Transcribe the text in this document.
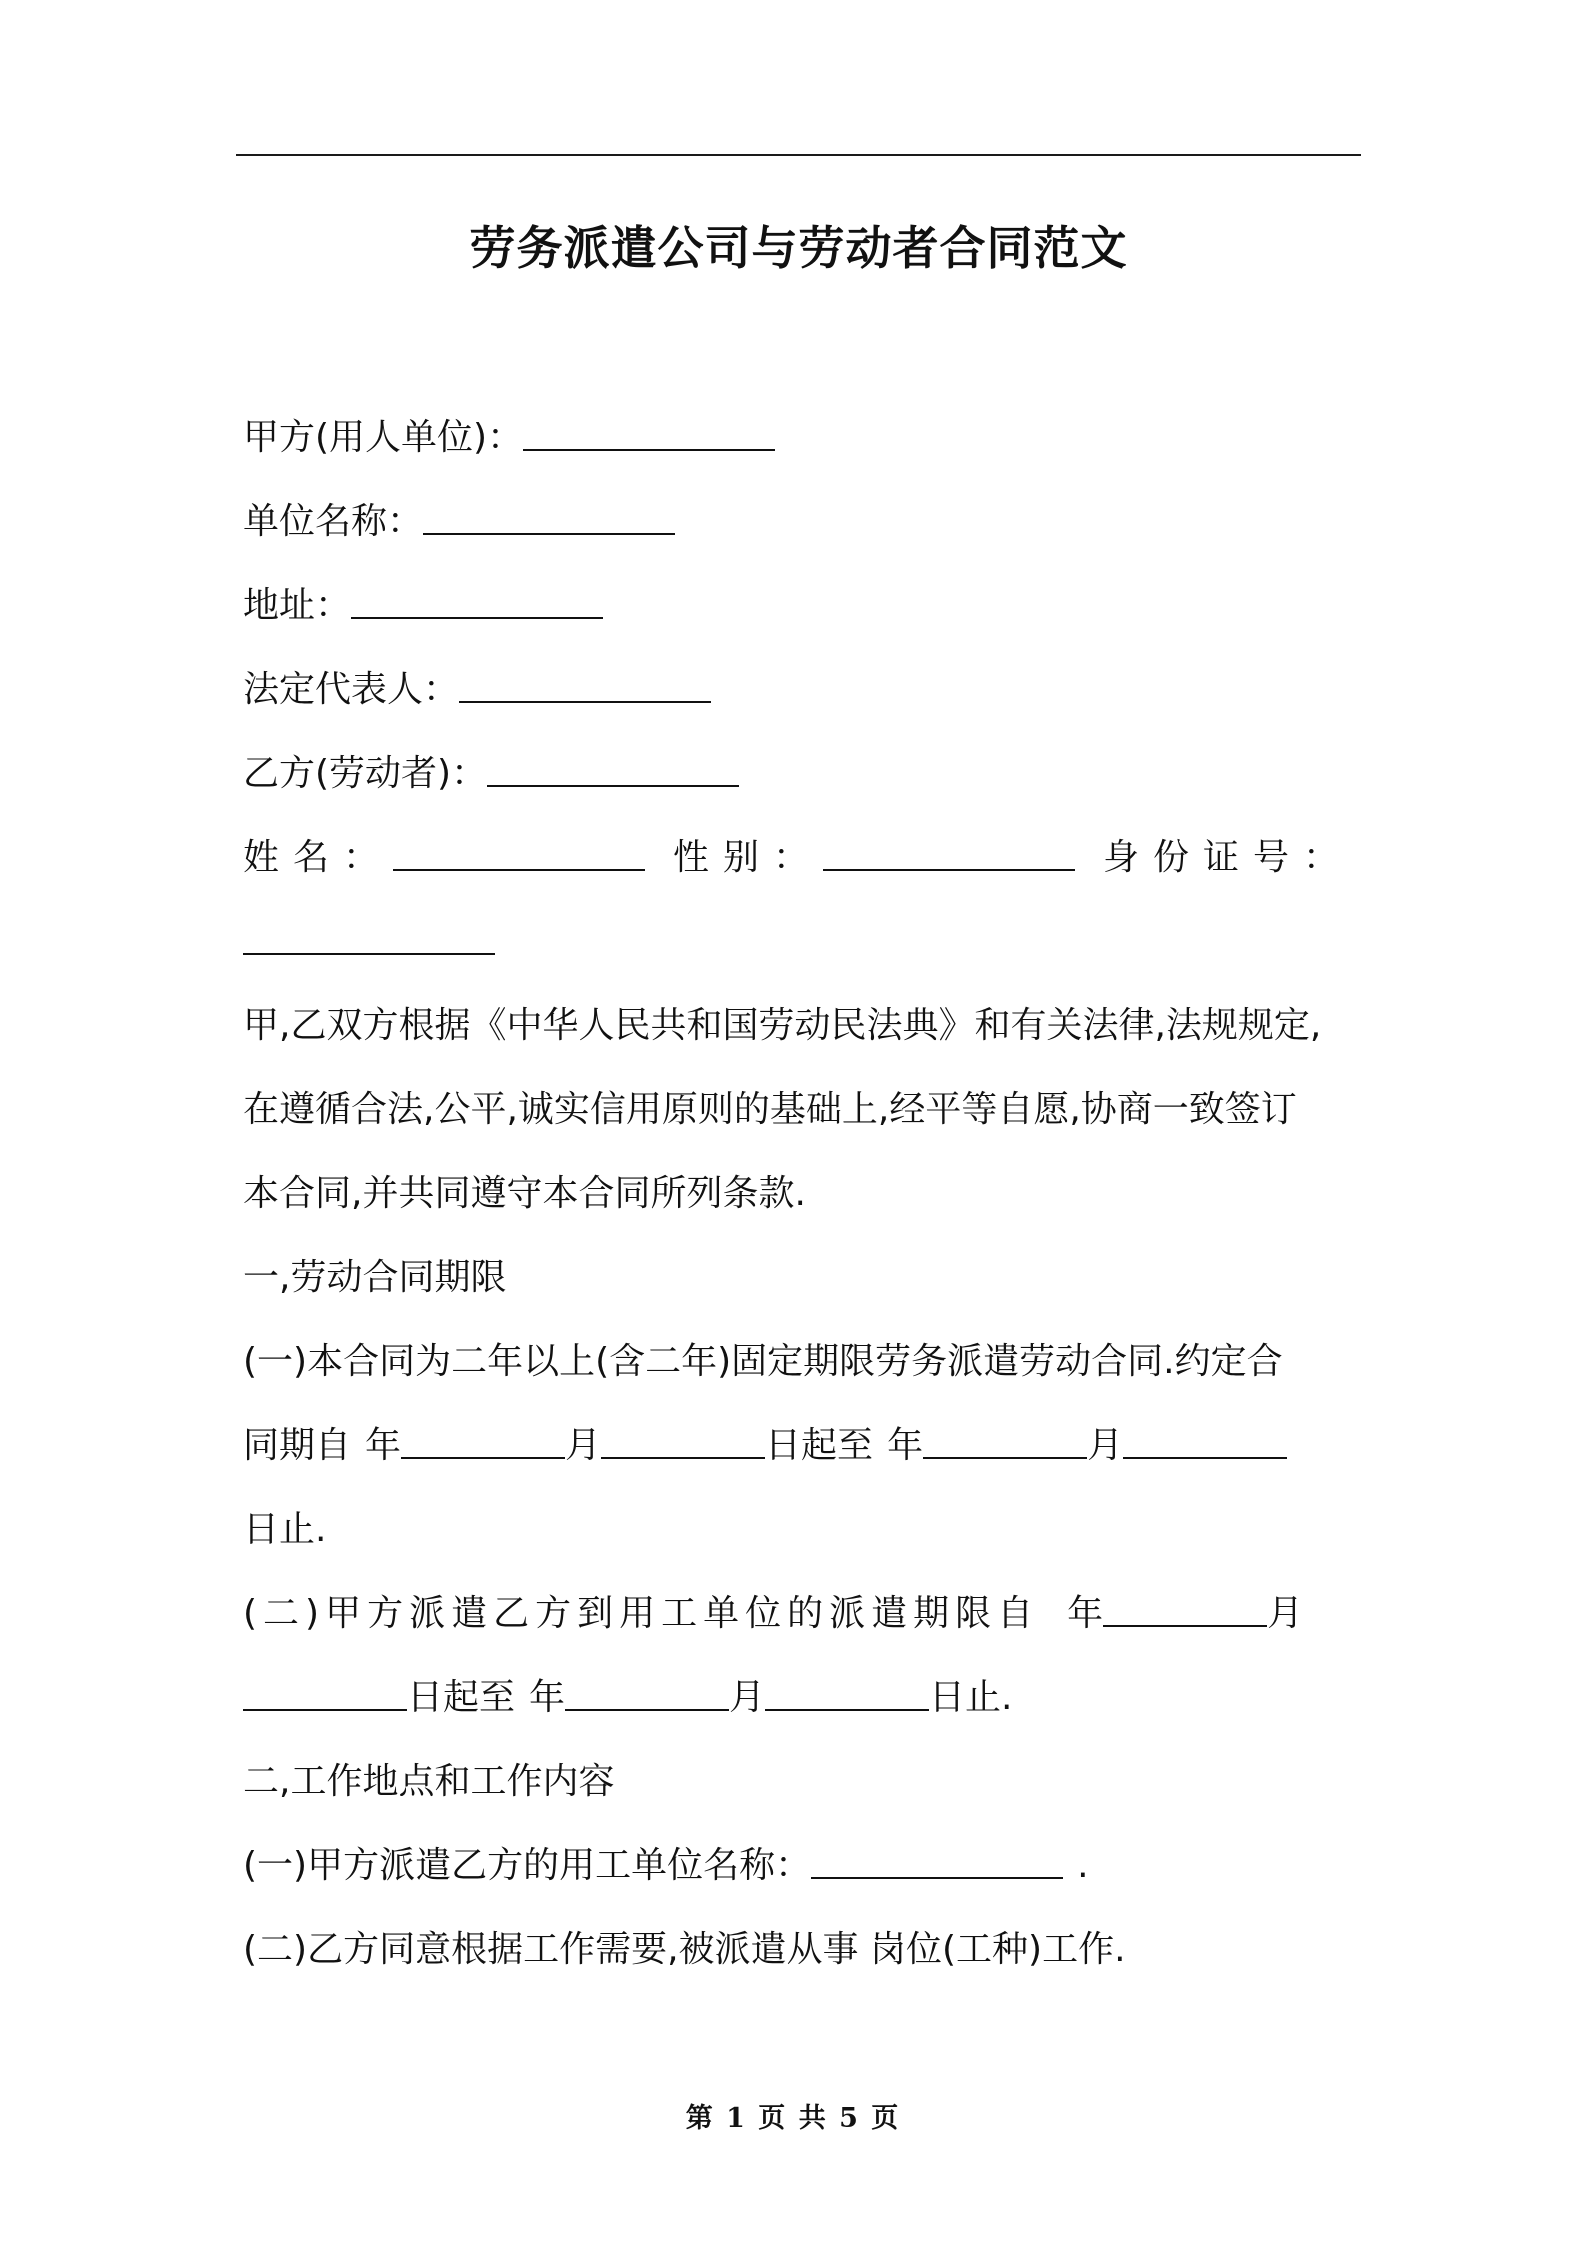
劳务派遣公司与劳动者合同范文
甲方(用人单位)：
单位名称：
地址：
法定代表人：
乙方(劳动者)：
姓名：	性别：	身份证号：
甲,乙双方根据《中华人民共和国劳动民法典》和有关法律,法规规定,
在遵循合法,公平,诚实信用原则的基础上,经平等自愿,协商一致签订
本合同,并共同遵守本合同所列条款.
一,劳动合同期限
(一)本合同为二年以上(含二年)固定期限劳务派遣劳动合同.约定合
同期自 年	月	日起至 年	月
日止.
(二)甲方派遣乙方到用工单位的派遣期限自 年	月
日起至 年	月	日止.
二,工作地点和工作内容
(一)甲方派遣乙方的用工单位名称：	.
(二)乙方同意根据工作需要,被派遣从事 岗位(工种)工作.
第 1 页 共 5 页
